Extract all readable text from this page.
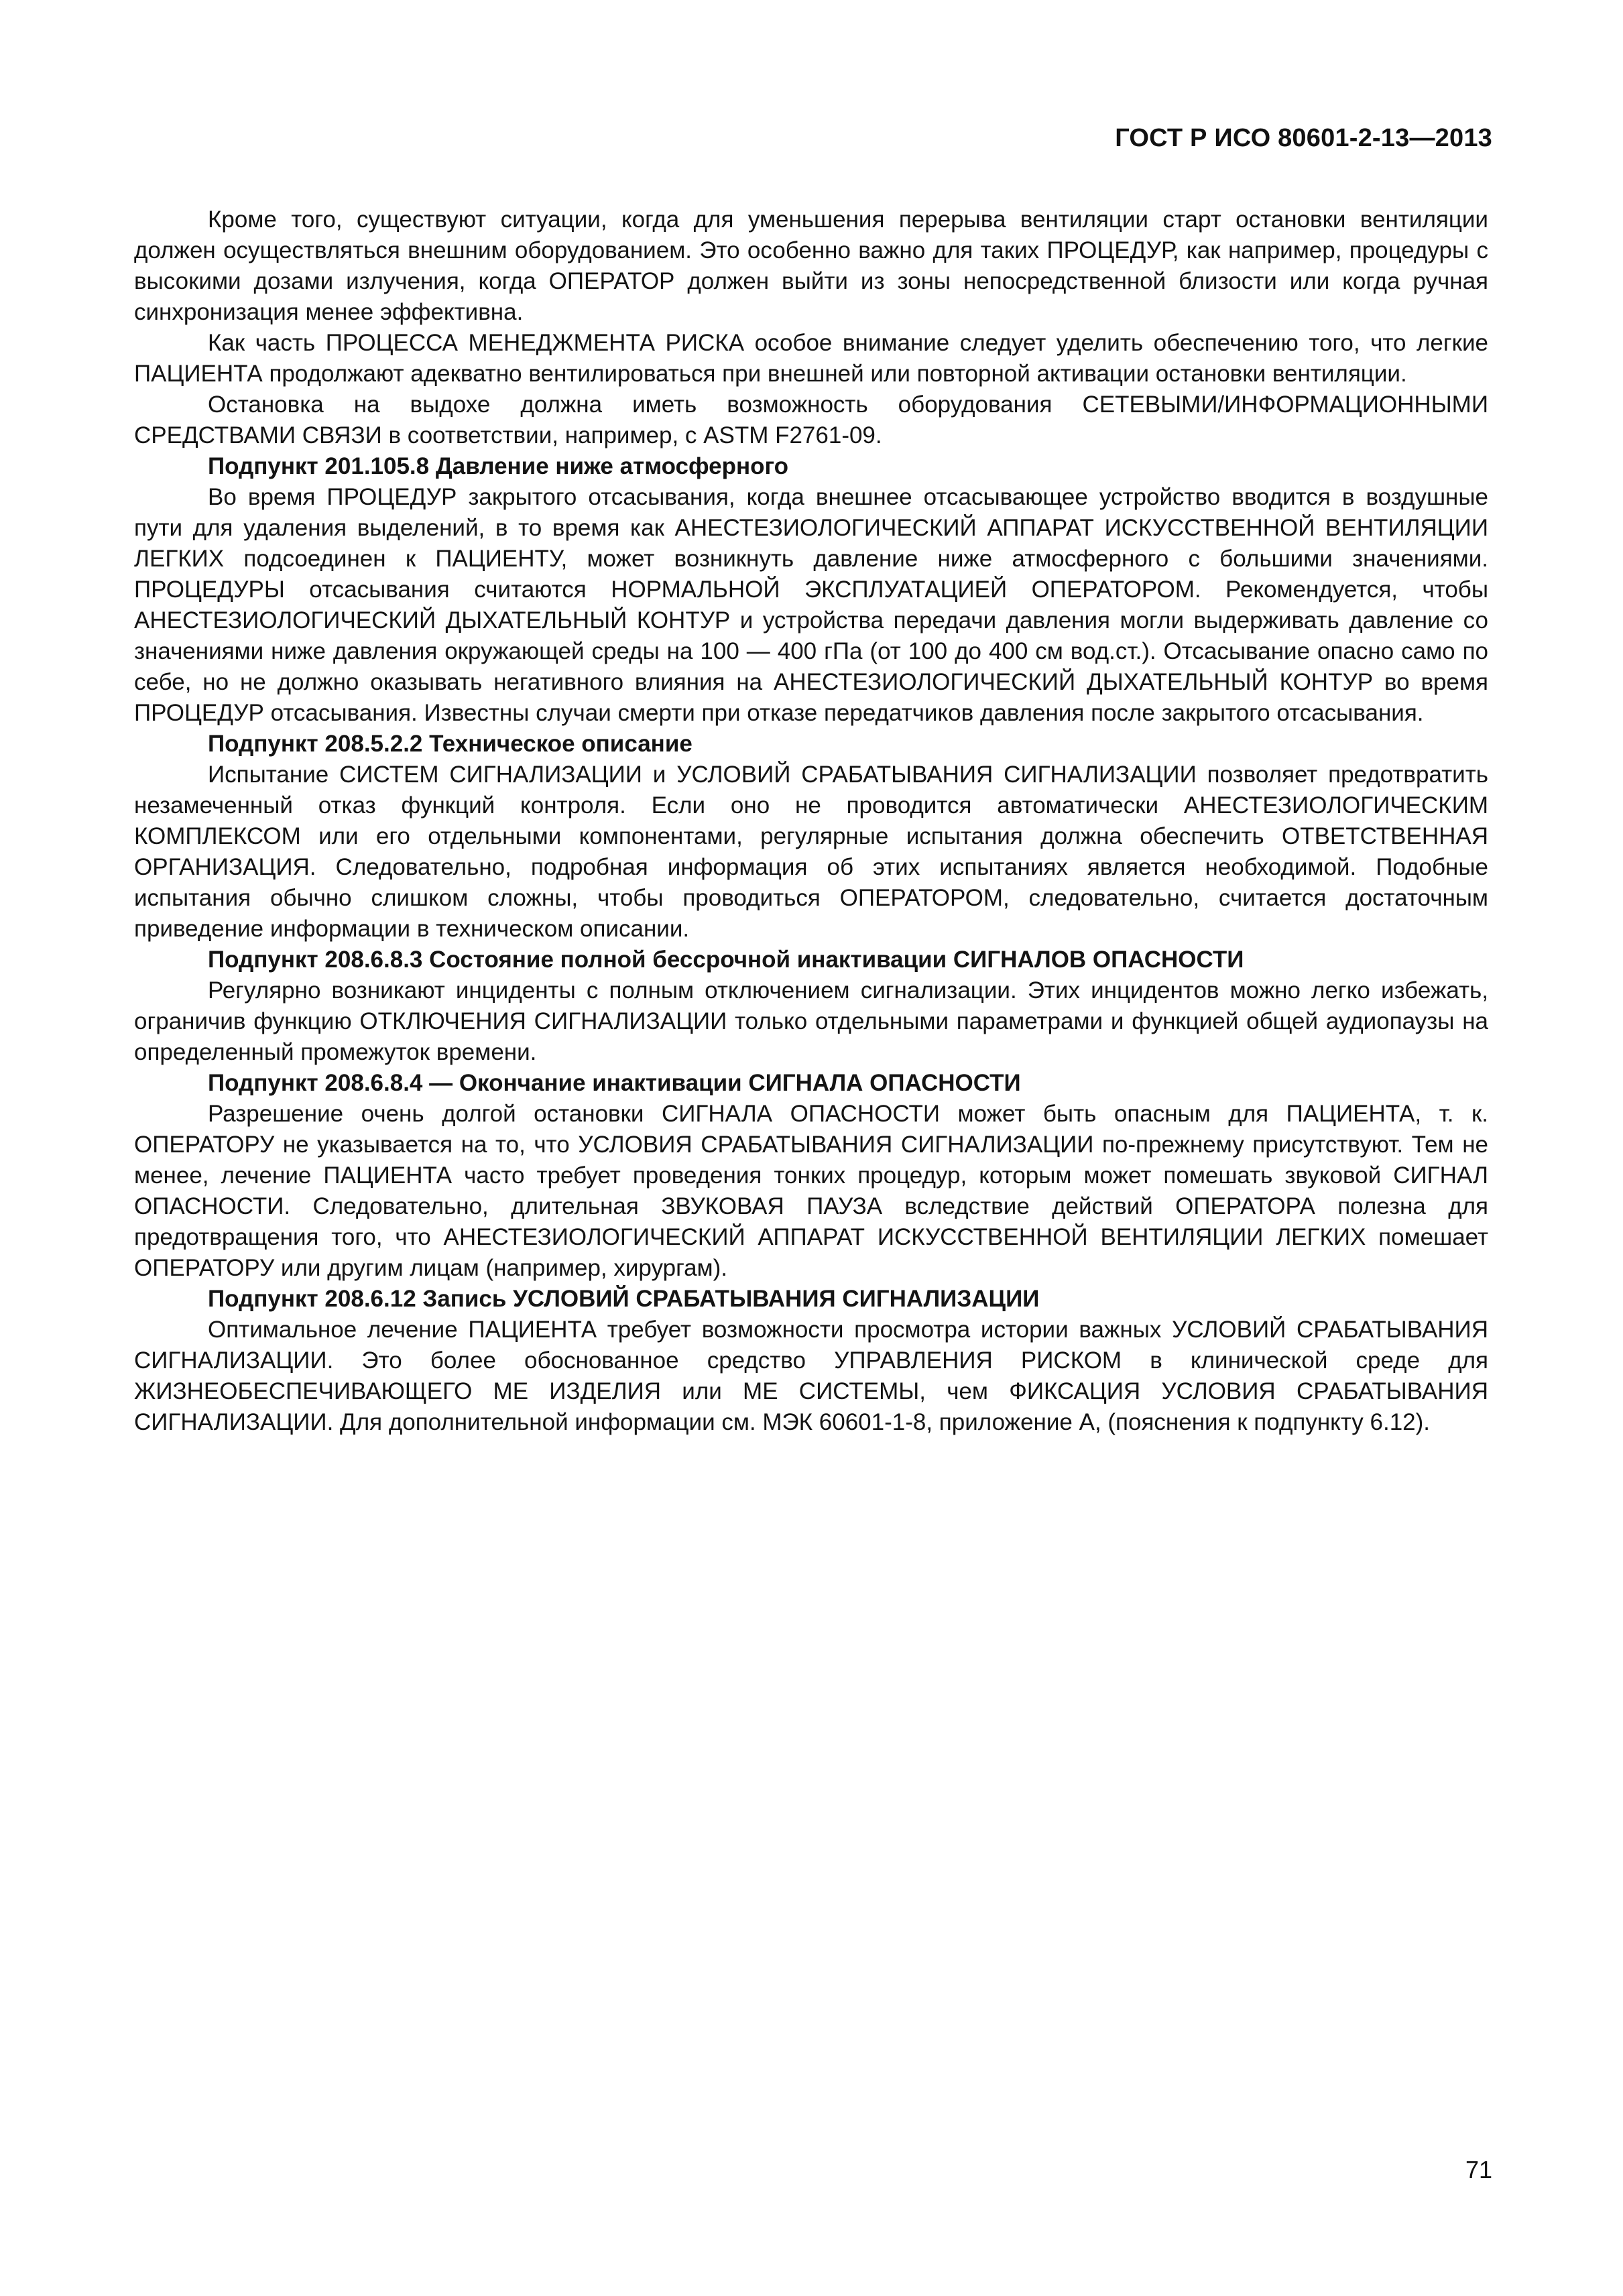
ГОСТ Р ИСО 80601-2-13—2013

Кроме того, существуют ситуации, когда для уменьшения перерыва вентиляции старт остановки вентиляции должен осуществляться внешним оборудованием. Это особенно важно для таких ПРОЦЕДУР, как например, процедуры с высокими дозами излучения, когда ОПЕРАТОР должен выйти из зоны непосредственной близости или когда ручная синхронизация менее эффективна.

Как часть ПРОЦЕССА МЕНЕДЖМЕНТА РИСКА особое внимание следует уделить обеспечению того, что легкие ПАЦИЕНТА продолжают адекватно вентилироваться при внешней или повторной активации остановки вентиляции.

Остановка на выдохе должна иметь возможность оборудования СЕТЕВЫМИ/ИНФОРМАЦИОННЫМИ СРЕДСТВАМИ СВЯЗИ в соответствии, например, с ASTM F2761-09.

Подпункт 201.105.8 Давление ниже атмосферного

Во время ПРОЦЕДУР закрытого отсасывания, когда внешнее отсасывающее устройство вводится в воздушные пути для удаления выделений, в то время как АНЕСТЕЗИОЛОГИЧЕСКИЙ АППАРАТ ИСКУССТВЕННОЙ ВЕНТИЛЯЦИИ ЛЕГКИХ подсоединен к ПАЦИЕНТУ, может возникнуть давление ниже атмосферного с большими значениями. ПРОЦЕДУРЫ отсасывания считаются НОРМАЛЬНОЙ ЭКСПЛУАТАЦИЕЙ ОПЕРАТОРОМ. Рекомендуется, чтобы АНЕСТЕЗИОЛОГИЧЕСКИЙ ДЫХАТЕЛЬНЫЙ КОНТУР и устройства передачи давления могли выдерживать давление со значениями ниже давления окружающей среды на 100 — 400 гПа (от 100 до 400 см вод.ст.). Отсасывание опасно само по себе, но не должно оказывать негативного влияния на АНЕСТЕЗИОЛОГИЧЕСКИЙ ДЫХАТЕЛЬНЫЙ КОНТУР во время ПРОЦЕДУР отсасывания. Известны случаи смерти при отказе передатчиков давления после закрытого отсасывания.

Подпункт 208.5.2.2 Техническое описание

Испытание СИСТЕМ СИГНАЛИЗАЦИИ и УСЛОВИЙ СРАБАТЫВАНИЯ СИГНАЛИЗАЦИИ позволяет предотвратить незамеченный отказ функций контроля. Если оно не проводится автоматически АНЕСТЕЗИОЛОГИЧЕСКИМ КОМПЛЕКСОМ или его отдельными компонентами, регулярные испытания должна обеспечить ОТВЕТСТВЕННАЯ ОРГАНИЗАЦИЯ. Следовательно, подробная информация об этих испытаниях является необходимой. Подобные испытания обычно слишком сложны, чтобы проводиться ОПЕРАТОРОМ, следовательно, считается достаточным приведение информации в техническом описании.

Подпункт 208.6.8.3 Состояние полной бессрочной инактивации СИГНАЛОВ ОПАСНОСТИ

Регулярно возникают инциденты с полным отключением сигнализации. Этих инцидентов можно легко избежать, ограничив функцию ОТКЛЮЧЕНИЯ СИГНАЛИЗАЦИИ только отдельными параметрами и функцией общей аудиопаузы на определенный промежуток времени.

Подпункт 208.6.8.4 — Окончание инактивации СИГНАЛА ОПАСНОСТИ

Разрешение очень долгой остановки СИГНАЛА ОПАСНОСТИ может быть опасным для ПАЦИЕНТА, т. к. ОПЕРАТОРУ не указывается на то, что УСЛОВИЯ СРАБАТЫВАНИЯ СИГНАЛИЗАЦИИ по-прежнему присутствуют. Тем не менее, лечение ПАЦИЕНТА часто требует проведения тонких процедур, которым может помешать звуковой СИГНАЛ ОПАСНОСТИ. Следовательно, длительная ЗВУКОВАЯ ПАУЗА вследствие действий ОПЕРАТОРА полезна для предотвращения того, что АНЕСТЕЗИОЛОГИЧЕСКИЙ АППАРАТ ИСКУССТВЕННОЙ ВЕНТИЛЯЦИИ ЛЕГКИХ помешает ОПЕРАТОРУ или другим лицам (например, хирургам).

Подпункт 208.6.12 Запись УСЛОВИЙ СРАБАТЫВАНИЯ СИГНАЛИЗАЦИИ

Оптимальное лечение ПАЦИЕНТА требует возможности просмотра истории важных УСЛОВИЙ СРАБАТЫВАНИЯ СИГНАЛИЗАЦИИ. Это более обоснованное средство УПРАВЛЕНИЯ РИСКОМ в клинической среде для ЖИЗНЕОБЕСПЕЧИВАЮЩЕГО МЕ ИЗДЕЛИЯ или МЕ СИСТЕМЫ, чем ФИКСАЦИЯ УСЛОВИЯ СРАБАТЫВАНИЯ СИГНАЛИЗАЦИИ. Для дополнительной информации см. МЭК 60601-1-8, приложение А, (пояснения к подпункту 6.12).

71
